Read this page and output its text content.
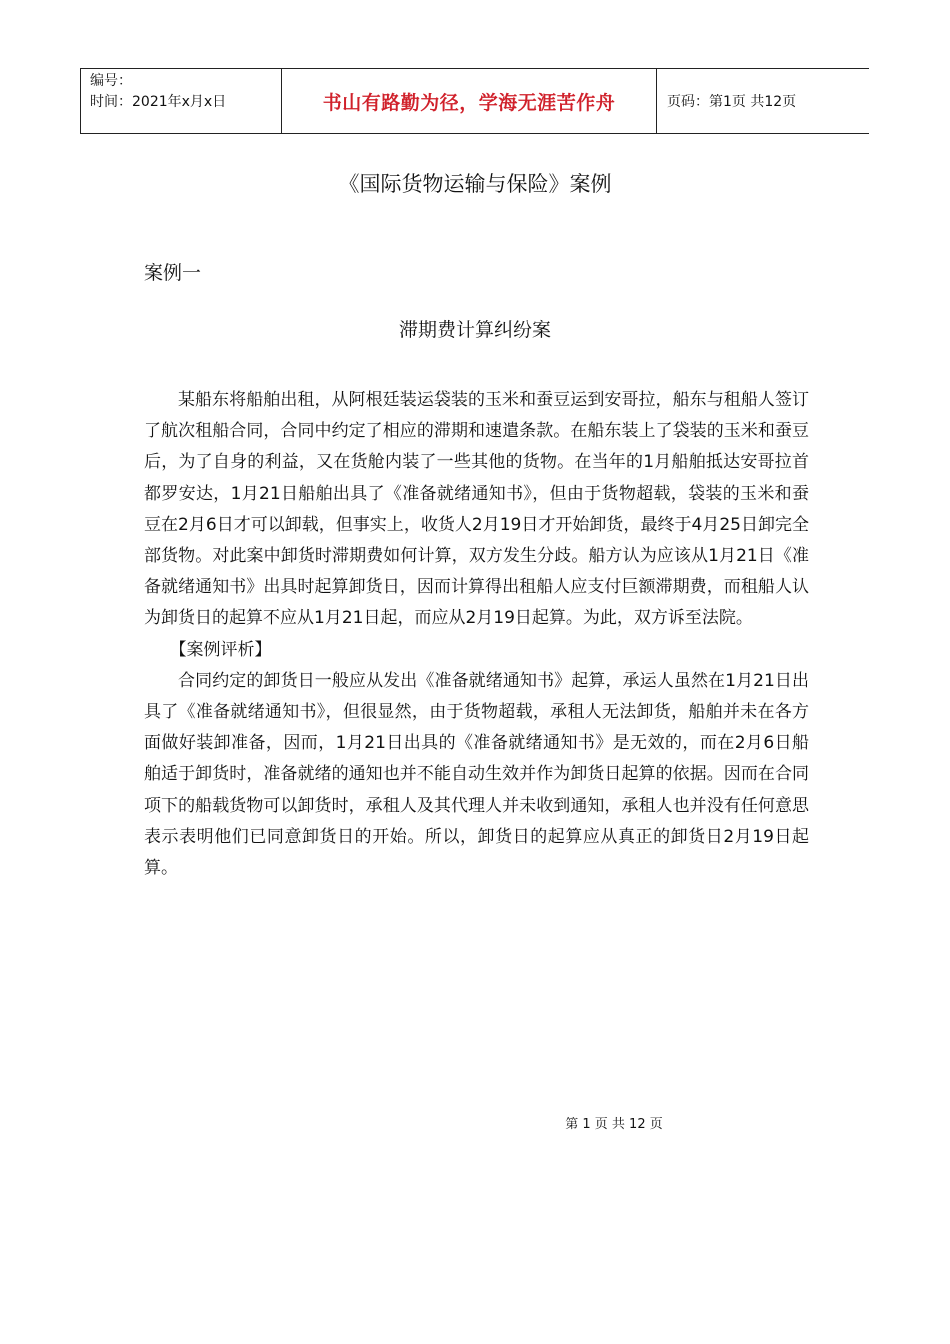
编号：
时间：2021年x月x日	书山有路勤为径，学海无涯苦作舟	页码：第1页 共12页
《国际货物运输与保险》案例
案例一
滞期费计算纠纷案

某船东将船舶出租，从阿根廷装运袋装的玉米和蚕豆运到安哥拉，船东与租船人签订了航次租船合同，合同中约定了相应的滞期和速遣条款。在船东装上了袋装的玉米和蚕豆后，为了自身的利益，又在货舱内装了一些其他的货物。在当年的1月船舶抵达安哥拉首都罗安达，1月21日船舶出具了《准备就绪通知书》，但由于货物超载，袋装的玉米和蚕豆在2月6日才可以卸载，但事实上，收货人2月19日才开始卸货，最终于4月25日卸完全部货物。对此案中卸货时滞期费如何计算，双方发生分歧。船方认为应该从1月21日《准备就绪通知书》出具时起算卸货日，因而计算得出租船人应支付巨额滞期费，而租船人认为卸货日的起算不应从1月21日起，而应从2月19日起算。为此，双方诉至法院。

【案例评析】

合同约定的卸货日一般应从发出《准备就绪通知书》起算，承运人虽然在1月21日出具了《准备就绪通知书》，但很显然，由于货物超载，承租人无法卸货，船舶并未在各方面做好装卸准备，因而，1月21日出具的《准备就绪通知书》是无效的，而在2月6日船舶适于卸货时，准备就绪的通知也并不能自动生效并作为卸货日起算的依据。因而在合同项下的船载货物可以卸货时，承租人及其代理人并未收到通知，承租人也并没有任何意思表示表明他们已同意卸货日的开始。所以，卸货日的起算应从真正的卸货日2月19日起算。

第 1 页 共 12 页
